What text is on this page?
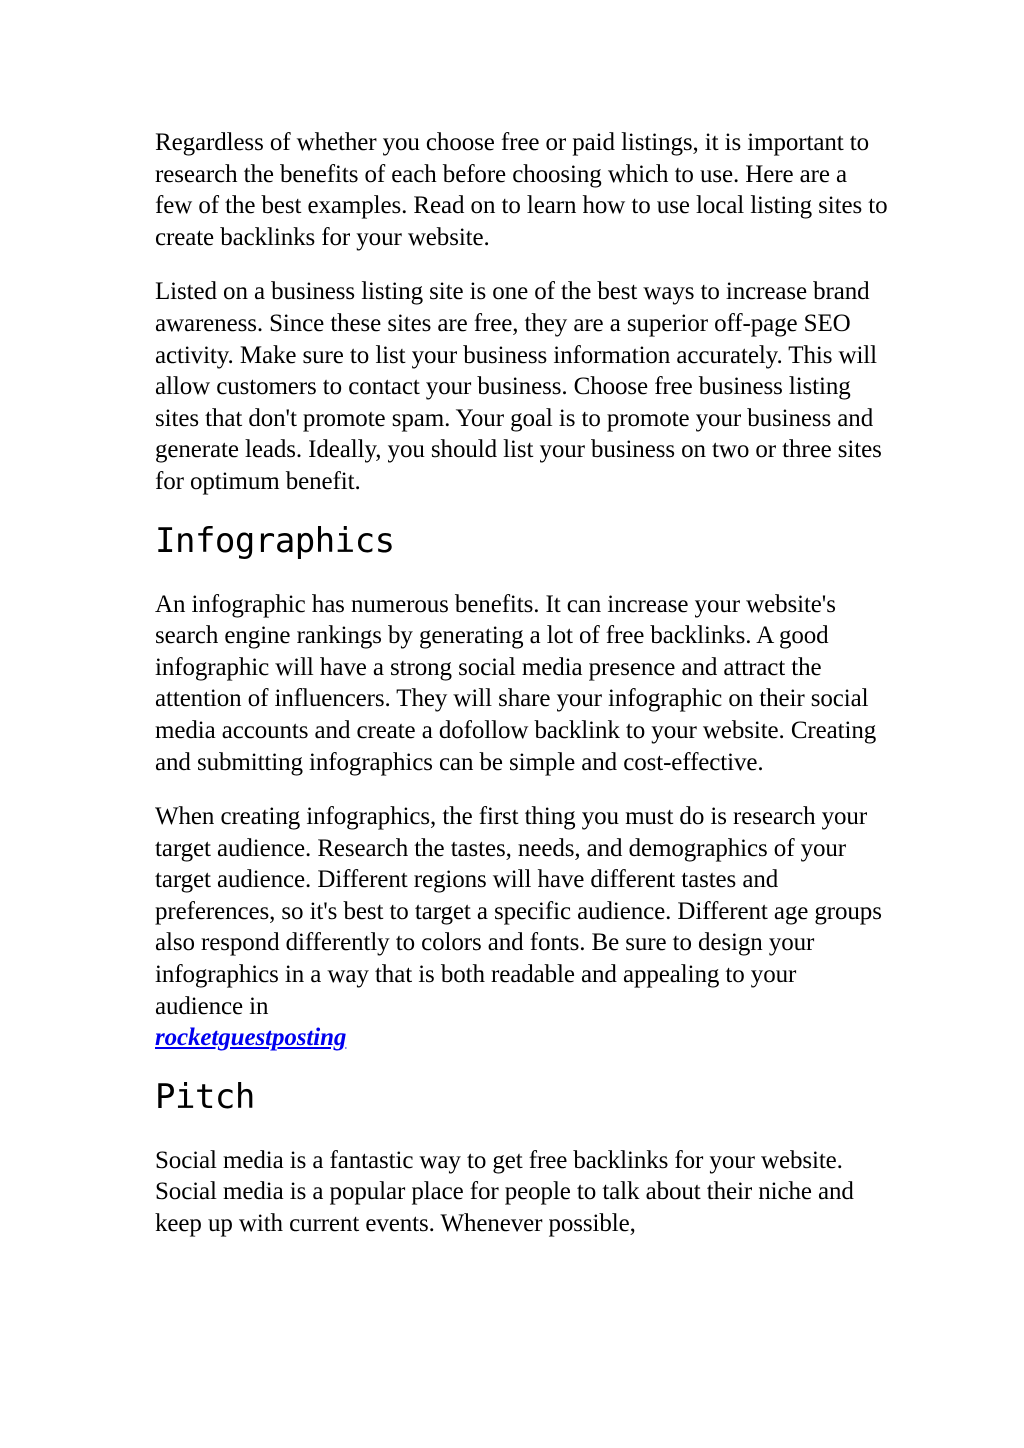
Regardless of whether you choose free or paid listings, it is important to research the benefits of each before choosing which to use. Here are a few of the best examples. Read on to learn how to use local listing sites to create backlinks for your website.

Listed on a business listing site is one of the best ways to increase brand awareness. Since these sites are free, they are a superior off-page SEO activity. Make sure to list your business information accurately. This will allow customers to contact your business. Choose free business listing sites that don't promote spam. Your goal is to promote your business and generate leads. Ideally, you should list your business on two or three sites for optimum benefit.

Infographics

An infographic has numerous benefits. It can increase your website's search engine rankings by generating a lot of free backlinks. A good infographic will have a strong social media presence and attract the attention of influencers. They will share your infographic on their social media accounts and create a dofollow backlink to your website. Creating and submitting infographics can be simple and cost-effective.

When creating infographics, the first thing you must do is research your target audience. Research the tastes, needs, and demographics of your target audience. Different regions will have different tastes and preferences, so it's best to target a specific audience. Different age groups also respond differently to colors and fonts. Be sure to design your infographics in a way that is both readable and appealing to your audience in
rocketguestposting

Pitch

Social media is a fantastic way to get free backlinks for your website. Social media is a popular place for people to talk about their niche and keep up with current events. Whenever possible,
